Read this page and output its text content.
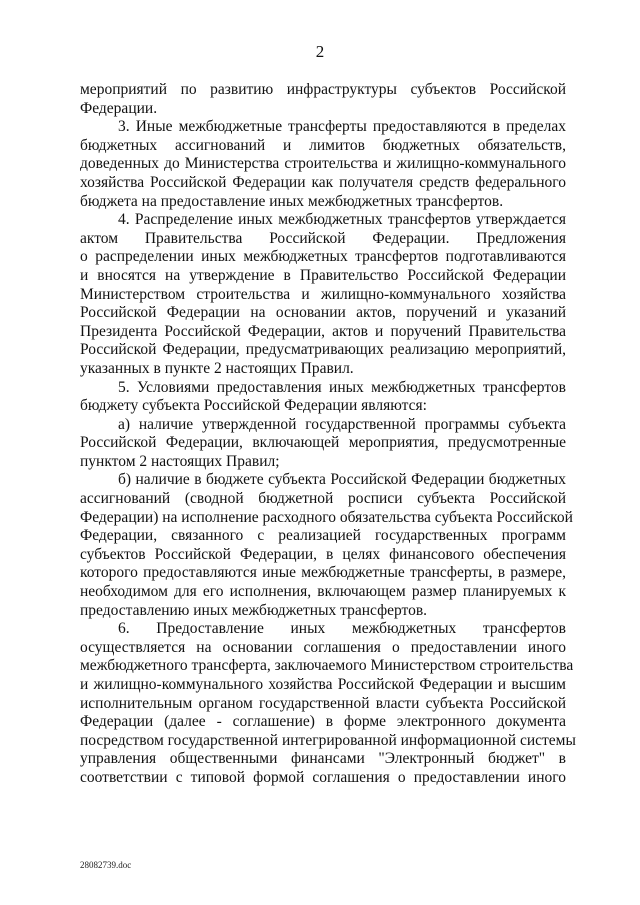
2
мероприятий по развитию инфраструктуры субъектов Российской
Федерации.
3. Иные межбюджетные трансферты предоставляются в пределах
бюджетных ассигнований и лимитов бюджетных обязательств,
доведенных до Министерства строительства и жилищно-коммунального
хозяйства Российской Федерации как получателя средств федерального
бюджета на предоставление иных межбюджетных трансфертов.
4. Распределение иных межбюджетных трансфертов утверждается
актом Правительства Российской Федерации. Предложения
о распределении иных межбюджетных трансфертов подготавливаются
и вносятся на утверждение в Правительство Российской Федерации
Министерством строительства и жилищно-коммунального хозяйства
Российской Федерации на основании актов, поручений и указаний
Президента Российской Федерации, актов и поручений Правительства
Российской Федерации, предусматривающих реализацию мероприятий,
указанных в пункте 2 настоящих Правил.
5. Условиями предоставления иных межбюджетных трансфертов
бюджету субъекта Российской Федерации являются:
а) наличие утвержденной государственной программы субъекта
Российской Федерации, включающей мероприятия, предусмотренные
пунктом 2 настоящих Правил;
б) наличие в бюджете субъекта Российской Федерации бюджетных
ассигнований (сводной бюджетной росписи субъекта Российской
Федерации) на исполнение расходного обязательства субъекта Российской
Федерации, связанного с реализацией государственных программ
субъектов Российской Федерации, в целях финансового обеспечения
которого предоставляются иные межбюджетные трансферты, в размере,
необходимом для его исполнения, включающем размер планируемых к
предоставлению иных межбюджетных трансфертов.
6. Предоставление иных межбюджетных трансфертов
осуществляется на основании соглашения о предоставлении иного
межбюджетного трансферта, заключаемого Министерством строительства
и жилищно-коммунального хозяйства Российской Федерации и высшим
исполнительным органом государственной власти субъекта Российской
Федерации (далее - соглашение) в форме электронного документа
посредством государственной интегрированной информационной системы
управления общественными финансами "Электронный бюджет" в
соответствии с типовой формой соглашения о предоставлении иного
28082739.doc
